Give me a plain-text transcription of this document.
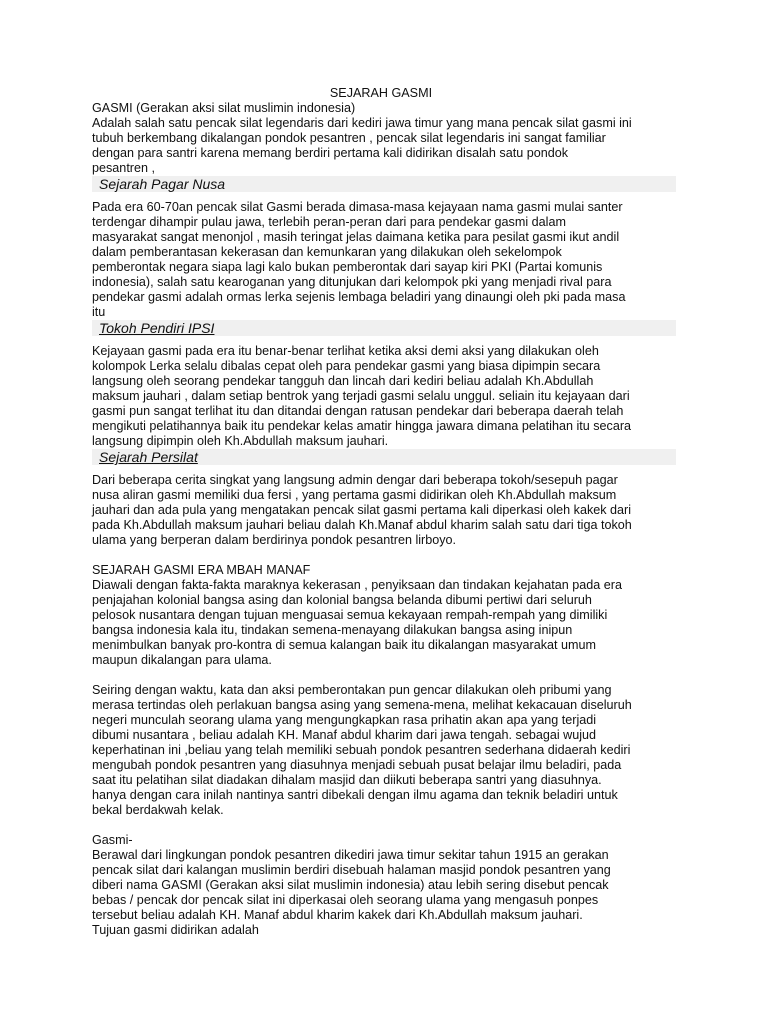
SEJARAH GASMI

GASMI (Gerakan aksi silat muslimin indonesia)
Adalah salah satu pencak silat legendaris dari kediri jawa timur yang mana pencak silat gasmi ini
tubuh berkembang dikalangan pondok pesantren , pencak silat legendaris ini sangat familiar
dengan para santri karena memang berdiri pertama kali didirikan disalah satu pondok
pesantren ,

Sejarah Pagar Nusa

Pada era 60-70an pencak silat Gasmi berada dimasa-masa kejayaan nama gasmi mulai santer
terdengar dihampir pulau jawa, terlebih peran-peran dari para pendekar gasmi dalam
masyarakat sangat menonjol , masih teringat jelas daimana ketika para pesilat gasmi ikut andil
dalam pemberantasan kekerasan dan kemunkaran yang dilakukan oleh sekelompok
pemberontak negara siapa lagi kalo bukan pemberontak dari sayap kiri PKI (Partai komunis
indonesia), salah satu kearoganan yang ditunjukan dari kelompok pki yang menjadi rival para
pendekar gasmi adalah ormas lerka sejenis lembaga beladiri yang dinaungi oleh pki pada masa
itu

Tokoh Pendiri IPSI

Kejayaan gasmi pada era itu benar-benar terlihat ketika aksi demi aksi yang dilakukan oleh
kolompok Lerka selalu dibalas cepat oleh para pendekar gasmi yang biasa dipimpin secara
langsung oleh seorang pendekar tangguh dan lincah dari kediri beliau adalah Kh.Abdullah
maksum jauhari , dalam setiap bentrok yang terjadi gasmi selalu unggul. seliain itu kejayaan dari
gasmi pun sangat terlihat itu dan ditandai dengan ratusan pendekar dari beberapa daerah telah
mengikuti pelatihannya baik itu pendekar kelas amatir hingga jawara dimana pelatihan itu secara
langsung dipimpin oleh Kh.Abdullah maksum jauhari.

Sejarah Persilat

Dari beberapa cerita singkat yang langsung admin dengar dari beberapa tokoh/sesepuh pagar
nusa aliran gasmi memiliki dua fersi , yang pertama gasmi didirikan oleh Kh.Abdullah maksum
jauhari dan ada pula yang mengatakan pencak silat gasmi pertama kali diperkasi oleh kakek dari
pada Kh.Abdullah maksum jauhari beliau dalah Kh.Manaf abdul kharim salah satu dari tiga tokoh
ulama yang berperan dalam berdirinya pondok pesantren lirboyo.

SEJARAH GASMI ERA MBAH MANAF

Diawali dengan fakta-fakta maraknya kekerasan , penyiksaan dan tindakan kejahatan pada era
penjajahan kolonial bangsa asing dan kolonial bangsa belanda dibumi pertiwi dari seluruh
pelosok nusantara dengan tujuan menguasai semua kekayaan rempah-rempah yang dimiliki
bangsa indonesia kala itu, tindakan semena-menayang dilakukan bangsa asing inipun
menimbulkan banyak pro-kontra di semua kalangan baik itu dikalangan masyarakat umum
maupun dikalangan para ulama.

Seiring dengan waktu, kata dan aksi pemberontakan pun gencar dilakukan oleh pribumi yang
merasa tertindas oleh perlakuan bangsa asing yang semena-mena, melihat kekacauan diseluruh
negeri munculah seorang ulama yang mengungkapkan rasa prihatin akan apa yang terjadi
dibumi nusantara , beliau adalah KH. Manaf abdul kharim dari jawa tengah. sebagai wujud
keperhatinan ini ,beliau yang telah memiliki sebuah pondok pesantren sederhana didaerah kediri
mengubah pondok pesantren yang diasuhnya menjadi sebuah pusat belajar ilmu beladiri, pada
saat itu pelatihan silat diadakan dihalam masjid dan diikuti beberapa santri yang diasuhnya.
hanya dengan cara inilah nantinya santri dibekali dengan ilmu agama dan teknik beladiri untuk
bekal berdakwah kelak.

Gasmi-

Berawal dari lingkungan pondok pesantren dikediri jawa timur sekitar tahun 1915 an gerakan
pencak silat dari kalangan muslimin berdiri disebuah halaman masjid pondok pesantren yang
diberi nama GASMI (Gerakan aksi silat muslimin indonesia) atau lebih sering disebut pencak
bebas / pencak dor pencak silat ini diperkasai oleh seorang ulama yang mengasuh ponpes
tersebut beliau adalah KH. Manaf abdul kharim kakek dari Kh.Abdullah maksum jauhari.
Tujuan gasmi didirikan adalah
